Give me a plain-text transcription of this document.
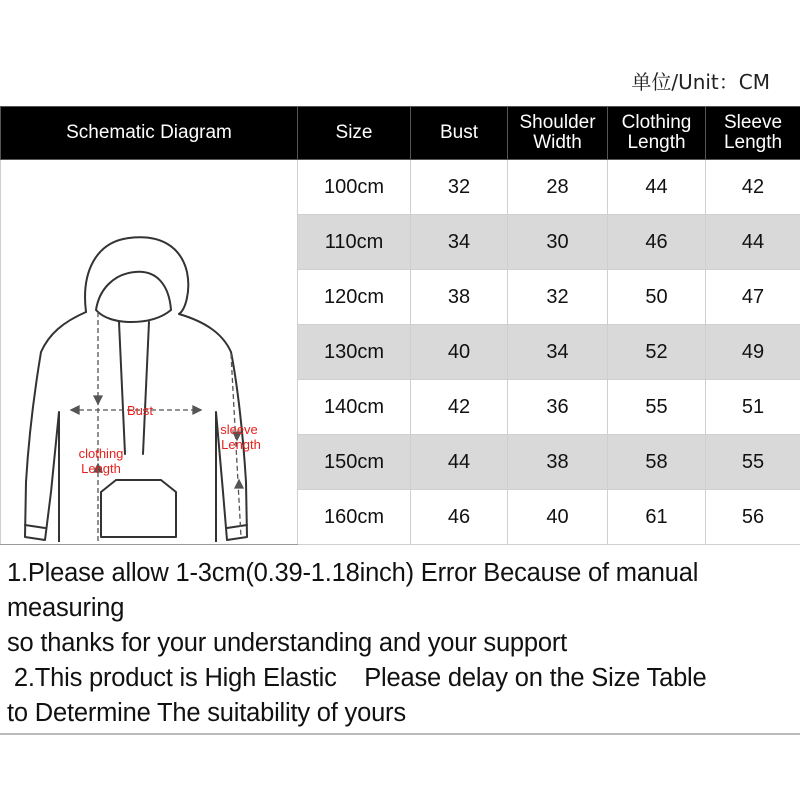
单位/Unit：CM
Schematic Diagram	Size	Bust	Shoulder Width	Clothing Length	Sleeve Length

Bust
clothing
Length
sleeve
Length	100cm	32	28	44	42
	110cm	34	30	46	44
	120cm	38	32	50	47
	130cm	40	34	52	49
	140cm	42	36	55	51
	150cm	44	38	58	55
	160cm	46	40	61	56
1.Please allow 1-3cm(0.39-1.18inch) Error Because of manual
measuring
so thanks for your understanding and your support
2.This product is High Elastic    Please delay on the Size Table
to Determine The suitability of yours
